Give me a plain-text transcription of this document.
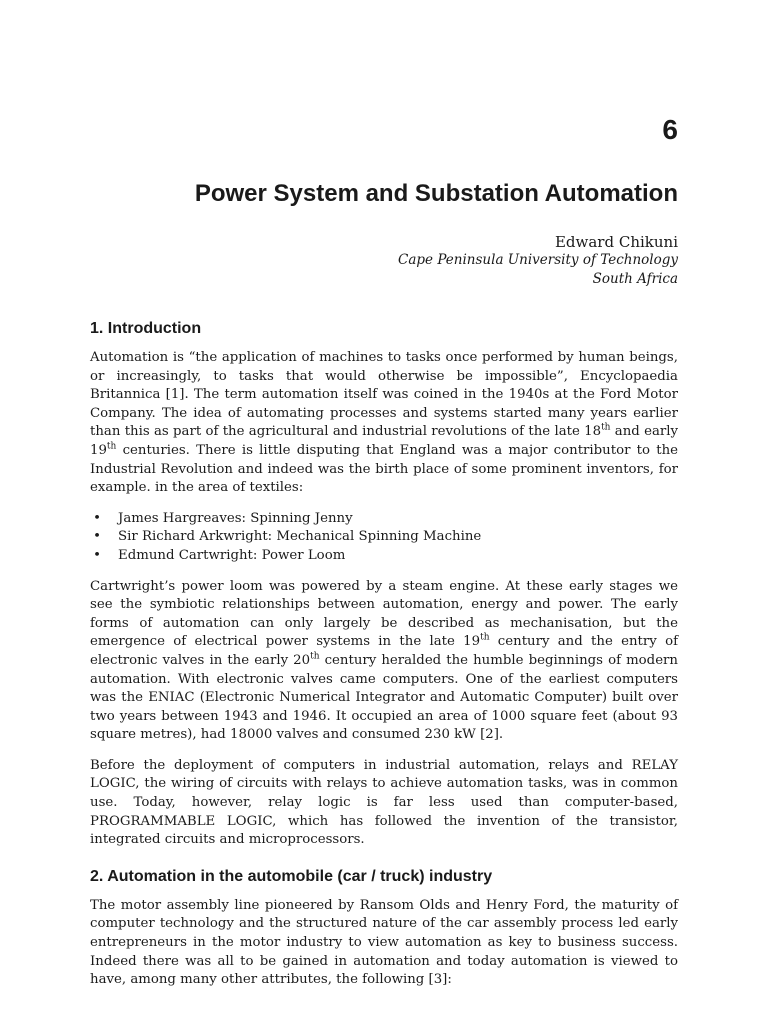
6
Power System and Substation Automation
Edward Chikuni
Cape Peninsula University of Technology
South Africa
1. Introduction

Automation is “the application of machines to tasks once performed by human beings, or increasingly, to tasks that would otherwise be impossible”, Encyclopaedia Britannica [1]. The term automation itself was coined in the 1940s at the Ford Motor Company. The idea of automating processes and systems started many years earlier than this as part of the agricultural and industrial revolutions of the late 18th and early 19th centuries. There is little disputing that England was a major contributor to the Industrial Revolution and indeed was the birth place of some prominent inventors, for example. in the area of textiles:

• James Hargreaves: Spinning Jenny
• Sir Richard Arkwright: Mechanical Spinning Machine
• Edmund Cartwright: Power Loom

Cartwright’s power loom was powered by a steam engine. At these early stages we see the symbiotic relationships between automation, energy and power. The early forms of automation can only largely be described as mechanisation, but the emergence of electrical power systems in the late 19th century and the entry of electronic valves in the early 20th century heralded the humble beginnings of modern automation. With electronic valves came computers. One of the earliest computers was the ENIAC (Electronic Numerical Integrator and Automatic Computer) built over two years between 1943 and 1946. It occupied an area of 1000 square feet (about 93 square metres), had 18000 valves and consumed 230 kW [2].

Before the deployment of computers in industrial automation, relays and RELAY LOGIC, the wiring of circuits with relays to achieve automation tasks, was in common use. Today, however, relay logic is far less used than computer-based, PROGRAMMABLE LOGIC, which has followed the invention of the transistor, integrated circuits and microprocessors.

2. Automation in the automobile (car / truck) industry

The motor assembly line pioneered by Ransom Olds and Henry Ford, the maturity of computer technology and the structured nature of the car assembly process led early entrepreneurs in the motor industry to view automation as key to business success. Indeed there was all to be gained in automation and today automation is viewed to have, among many other attributes, the following [3]:
